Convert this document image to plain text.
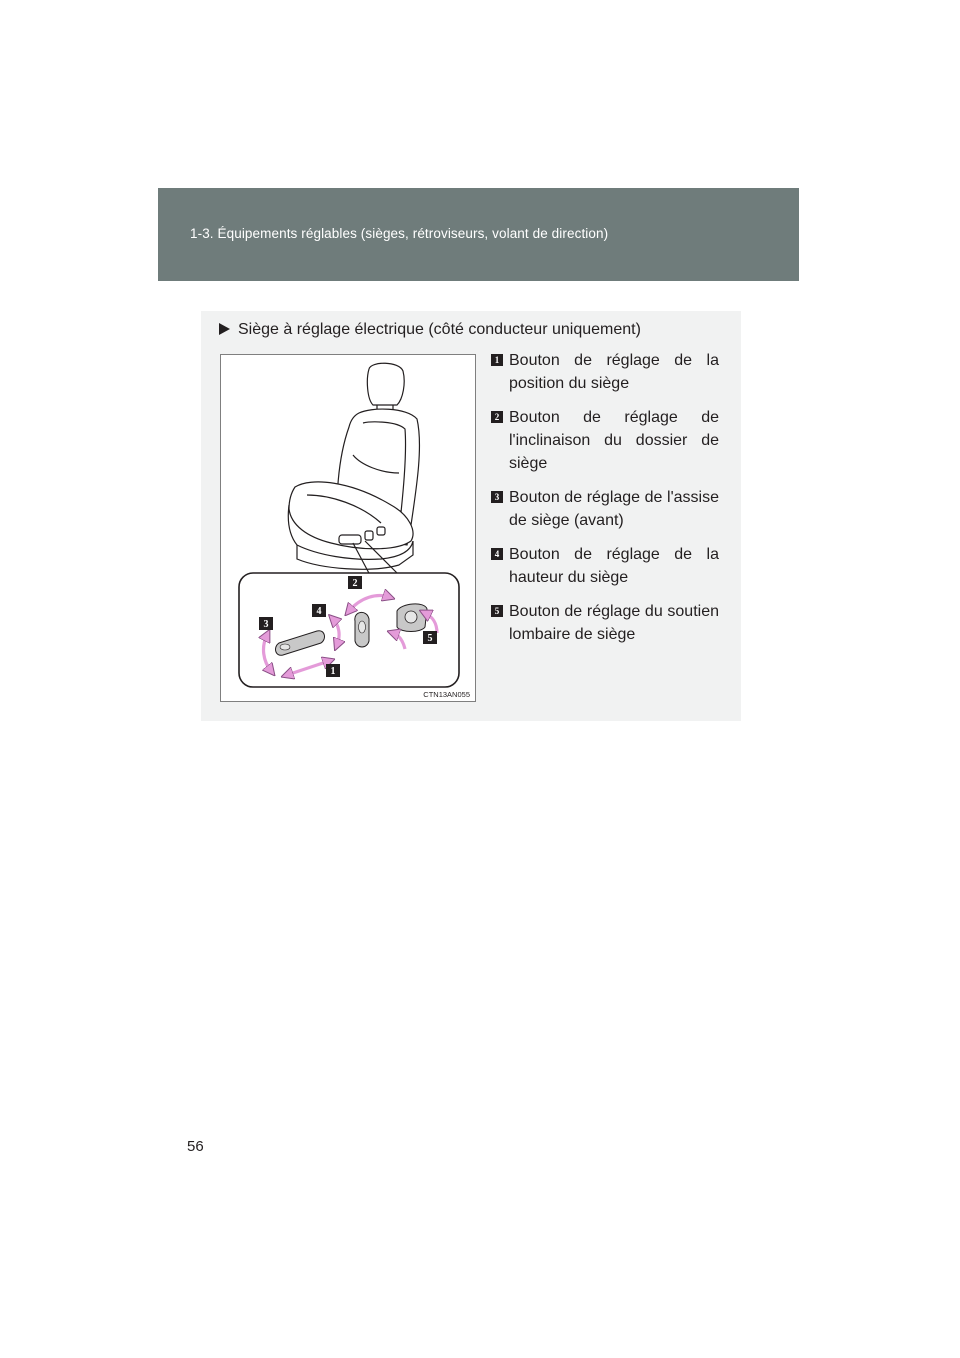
1-3. Équipements réglables (sièges, rétroviseurs, volant de direction)
Siège à réglage électrique (côté conducteur uniquement)
1
2
3
4
5
CTN13AN055
1 Bouton de réglage de la position du siège
2 Bouton de réglage de l'inclinaison du dossier de siège
3 Bouton de réglage de l'assise de siège (avant)
4 Bouton de réglage de la hauteur du siège
5 Bouton de réglage du soutien lombaire de siège
56
